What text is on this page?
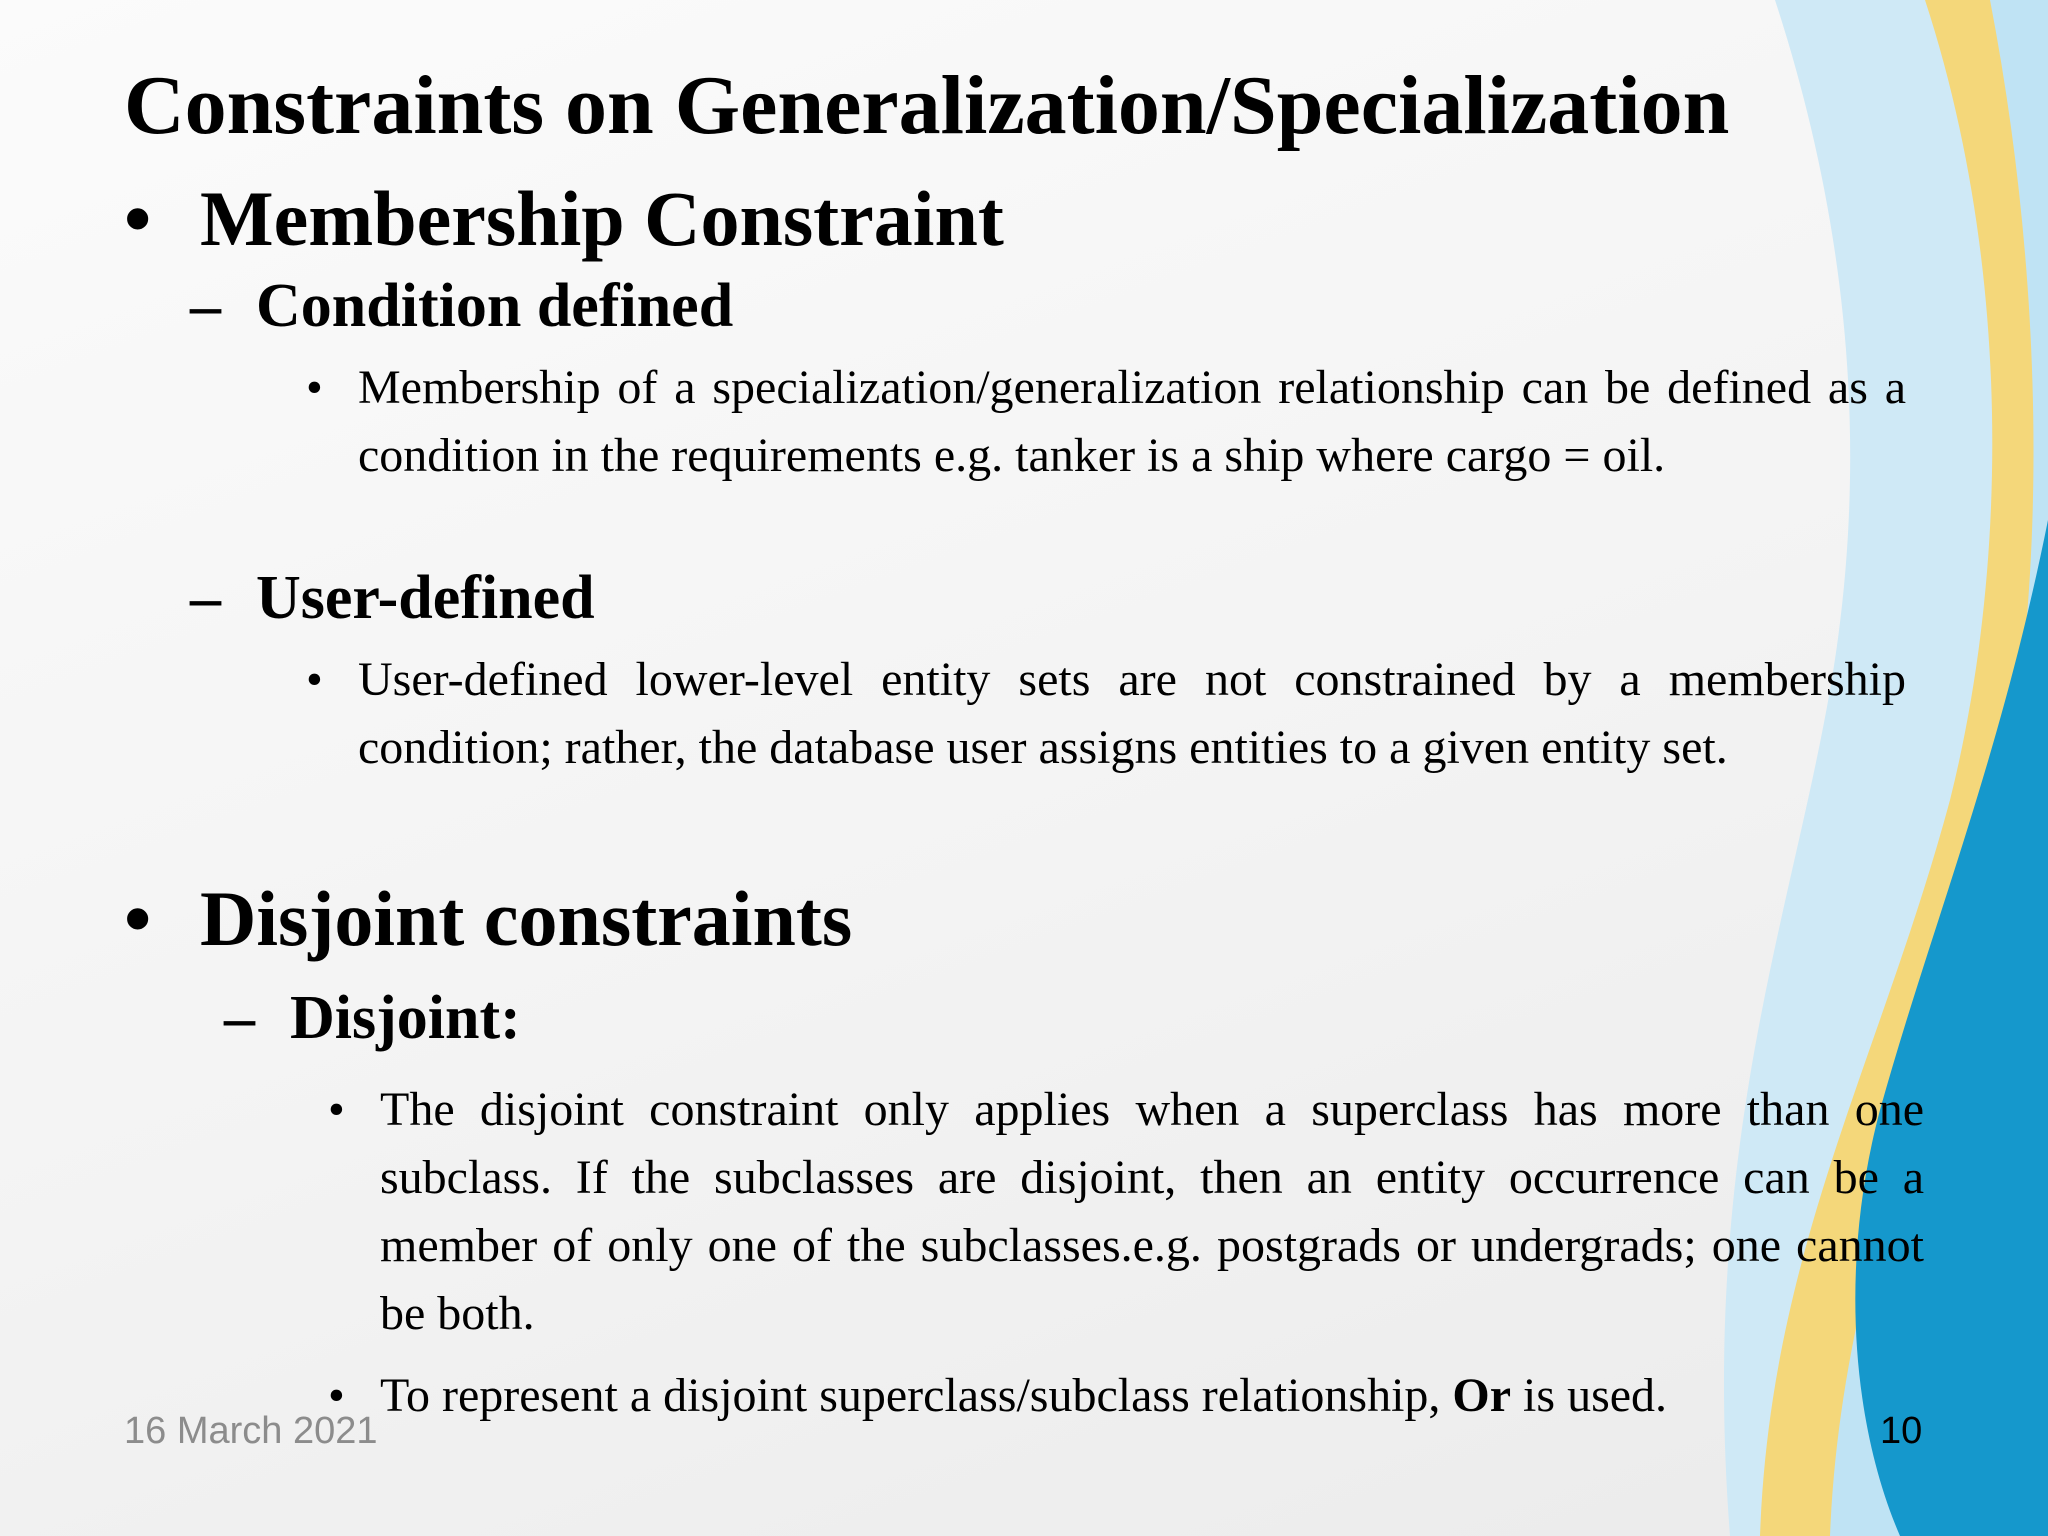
Constraints on Generalization/Specialization
• Membership Constraint
– Condition defined
• Membership of a specialization/generalization relationship can be defined as a condition in the requirements e.g. tanker is a ship where cargo = oil.
– User-defined
• User-defined lower-level entity sets are not constrained by a membership condition; rather, the database user assigns entities to a given entity set.
• Disjoint constraints
– Disjoint:
• The disjoint constraint only applies when a superclass has more than one subclass. If the subclasses are disjoint, then an entity occurrence can be a member of only one of the subclasses.e.g. postgrads or undergrads; one cannot be both.
• To represent a disjoint superclass/subclass relationship, Or is used.
16 March 2021	10
